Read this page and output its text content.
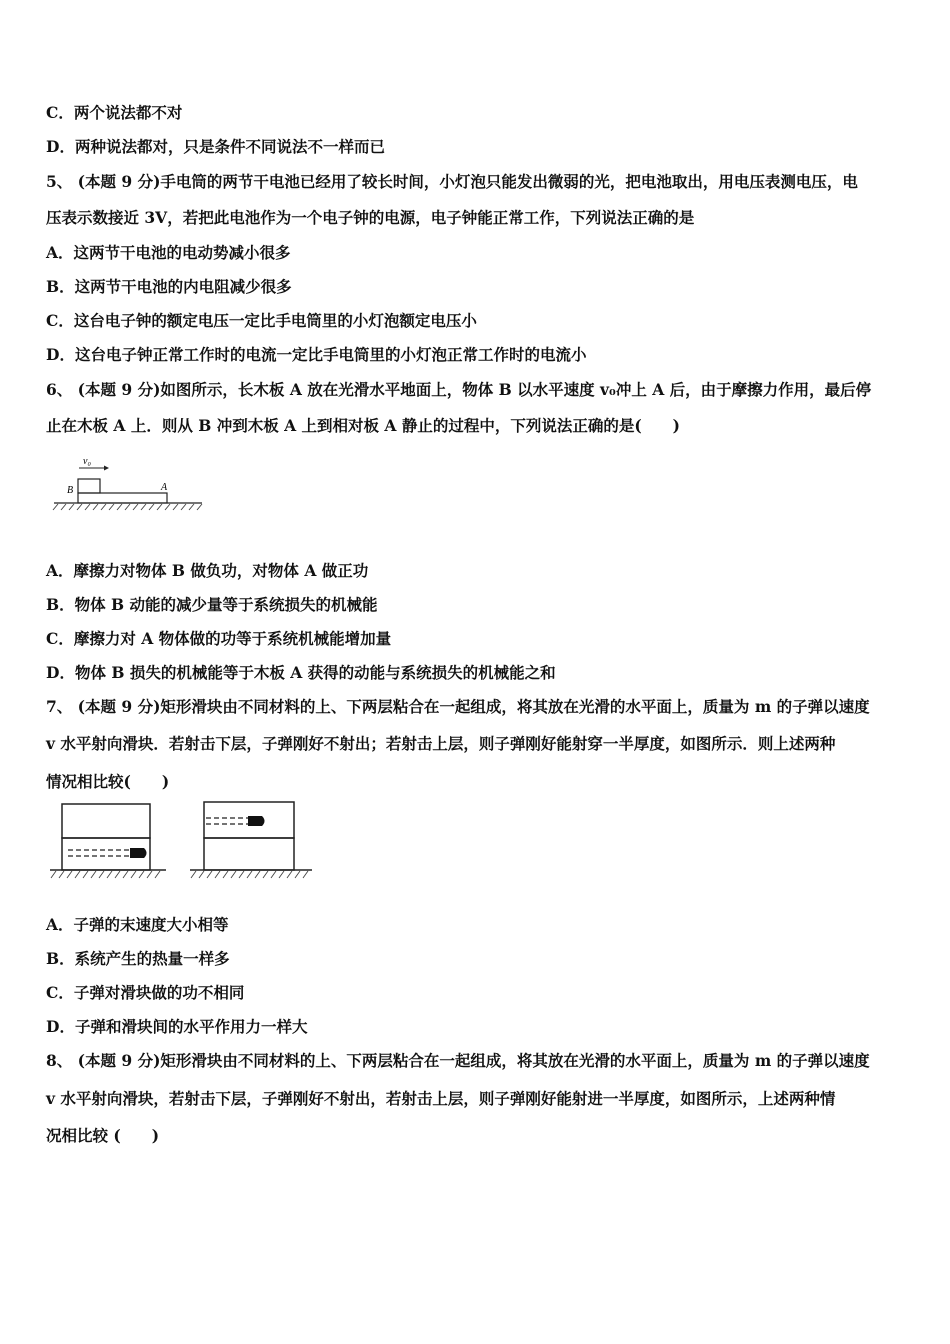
C．两个说法都不对
D．两种说法都对，只是条件不同说法不一样而已
5、 (本题 9 分)手电筒的两节干电池已经用了较长时间，小灯泡只能发出微弱的光，把电池取出，用电压表测电压，电
压表示数接近 3V，若把此电池作为一个电子钟的电源，电子钟能正常工作，下列说法正确的是
A．这两节干电池的电动势减小很多
B．这两节干电池的内电阻减少很多
C．这台电子钟的额定电压一定比手电筒里的小灯泡额定电压小
D．这台电子钟正常工作时的电流一定比手电筒里的小灯泡正常工作时的电流小
6、 (本题 9 分)如图所示，长木板 A 放在光滑水平地面上，物体 B 以水平速度 v₀冲上 A 后，由于摩擦力作用，最后停
止在木板 A 上．则从 B 冲到木板 A 上到相对板 A 静止的过程中，下列说法正确的是(　　)
v₀
B	A
A．摩擦力对物体 B 做负功，对物体 A 做正功
B．物体 B 动能的减少量等于系统损失的机械能
C．摩擦力对 A 物体做的功等于系统机械能增加量
D．物体 B 损失的机械能等于木板 A 获得的动能与系统损失的机械能之和
7、 (本题 9 分)矩形滑块由不同材料的上、下两层粘合在一起组成，将其放在光滑的水平面上，质量为 m 的子弹以速度
v 水平射向滑块．若射击下层，子弹刚好不射出；若射击上层，则子弹刚好能射穿一半厚度，如图所示．则上述两种
情况相比较(　　)
A．子弹的末速度大小相等
B．系统产生的热量一样多
C．子弹对滑块做的功不相同
D．子弹和滑块间的水平作用力一样大
8、 (本题 9 分)矩形滑块由不同材料的上、下两层粘合在一起组成，将其放在光滑的水平面上，质量为 m 的子弹以速度
v 水平射向滑块，若射击下层，子弹刚好不射出，若射击上层，则子弹刚好能射进一半厚度，如图所示，上述两种情
况相比较 (　　)
